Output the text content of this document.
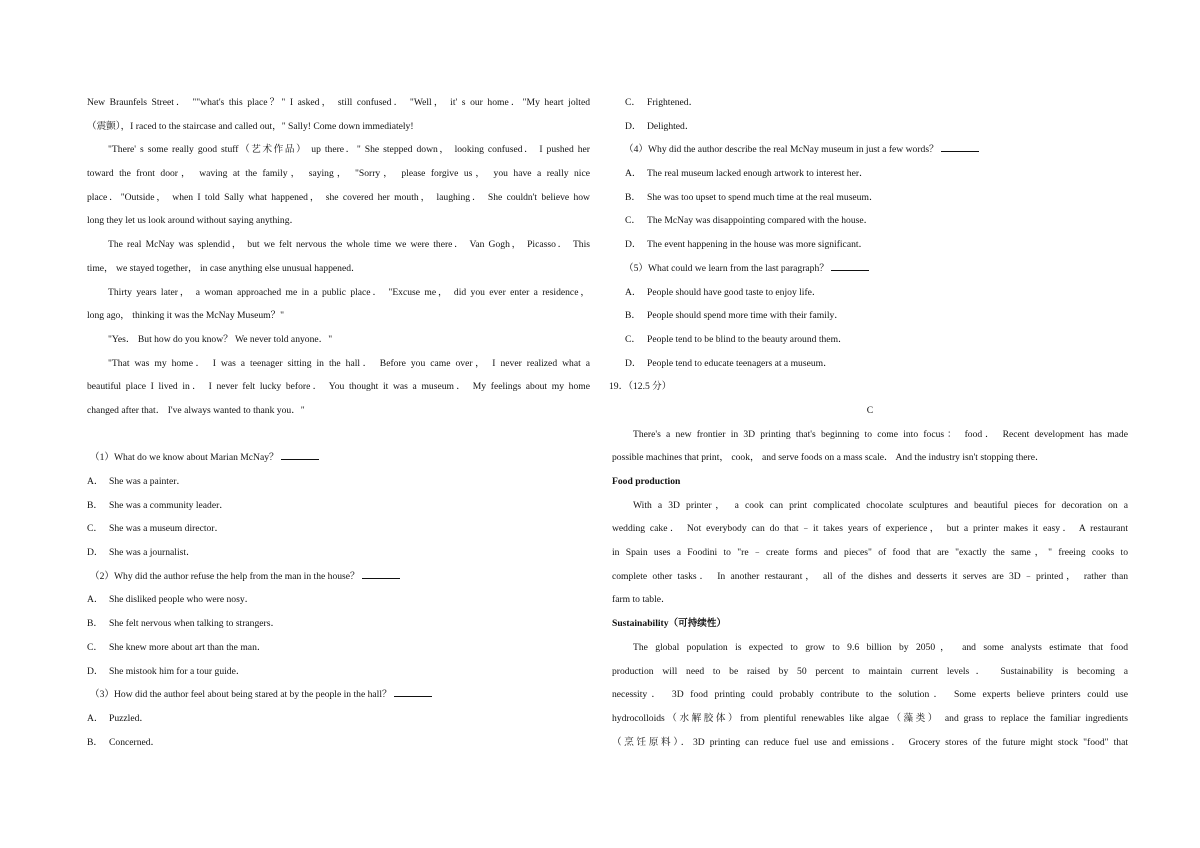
New Braunfels Street． ""what's this place？" I asked， still confused． "Well， it' s our home．"My heart jolted
（震颤），I raced to the staircase and called out，" Sally! Come down immediately!
"There' s some really good stuff（艺术作品） up there．" She stepped down， looking confused． I pushed her
toward the front door， waving at the family， saying， "Sorry， please forgive us， you have a really nice
place．"Outside， when I told Sally what happened， she covered her mouth， laughing． She couldn't believe how
long they let us look around without saying anything．
The real McNay was splendid， but we felt nervous the whole time we were there． Van Gogh， Picasso． This
time， we stayed together， in case anything else unusual happened．
Thirty years later， a woman approached me in a public place． "Excuse me， did you ever enter a residence，
long ago， thinking it was the McNay Museum？"
"Yes． But how do you know？ We never told anyone．"
"That was my home． I was a teenager sitting in the hall． Before you came over， I never realized what a
beautiful place I lived in． I never felt lucky before． You thought it was a museum． My feelings about my home
changed after that． I've always wanted to thank you．"
（1）What do we know about Marian McNay？
A． She was a painter．
B． She was a community leader．
C． She was a museum director．
D． She was a journalist．
（2）Why did the author refuse the help from the man in the house？
A． She disliked people who were nosy．
B． She felt nervous when talking to strangers．
C． She knew more about art than the man．
D． She mistook him for a tour guide．
（3）How did the author feel about being stared at by the people in the hall？
A． Puzzled．
B． Concerned．
C． Frightened．
D． Delighted．
（4）Why did the author describe the real McNay museum in just a few words？
A． The real museum lacked enough artwork to interest her．
B． She was too upset to spend much time at the real museum．
C． The McNay was disappointing compared with the house．
D． The event happening in the house was more significant．
（5）What could we learn from the last paragraph？
A． People should have good taste to enjoy life．
B． People should spend more time with their family．
C． People tend to be blind to the beauty around them．
D． People tend to educate teenagers at a museum．
19．（12.5 分）
C
There's a new frontier in 3D printing that's beginning to come into focus： food． Recent development has made
possible machines that print， cook， and serve foods on a mass scale． And the industry isn't stopping there．
Food production
With a 3D printer， a cook can print complicated chocolate sculptures and beautiful pieces for decoration on a
wedding cake． Not everybody can do that﹣it takes years of experience， but a printer makes it easy． A restaurant
in Spain uses a Foodini to "re﹣create forms and pieces" of food that are "exactly the same，" freeing cooks to
complete other tasks． In another restaurant， all of the dishes and desserts it serves are 3D﹣printed， rather than
farm to table．
Sustainability（可持续性）
The global population is expected to grow to 9.6 billion by 2050， and some analysts estimate that food
production will need to be raised by 50 percent to maintain current levels． Sustainability is becoming a
necessity． 3D food printing could probably contribute to the solution． Some experts believe printers could use
hydrocolloids（水解胶体）from plentiful renewables like algae（藻类） and grass to replace the familiar ingredients
（烹饪原料）．3D printing can reduce fuel use and emissions． Grocery stores of the future might stock "food" that
